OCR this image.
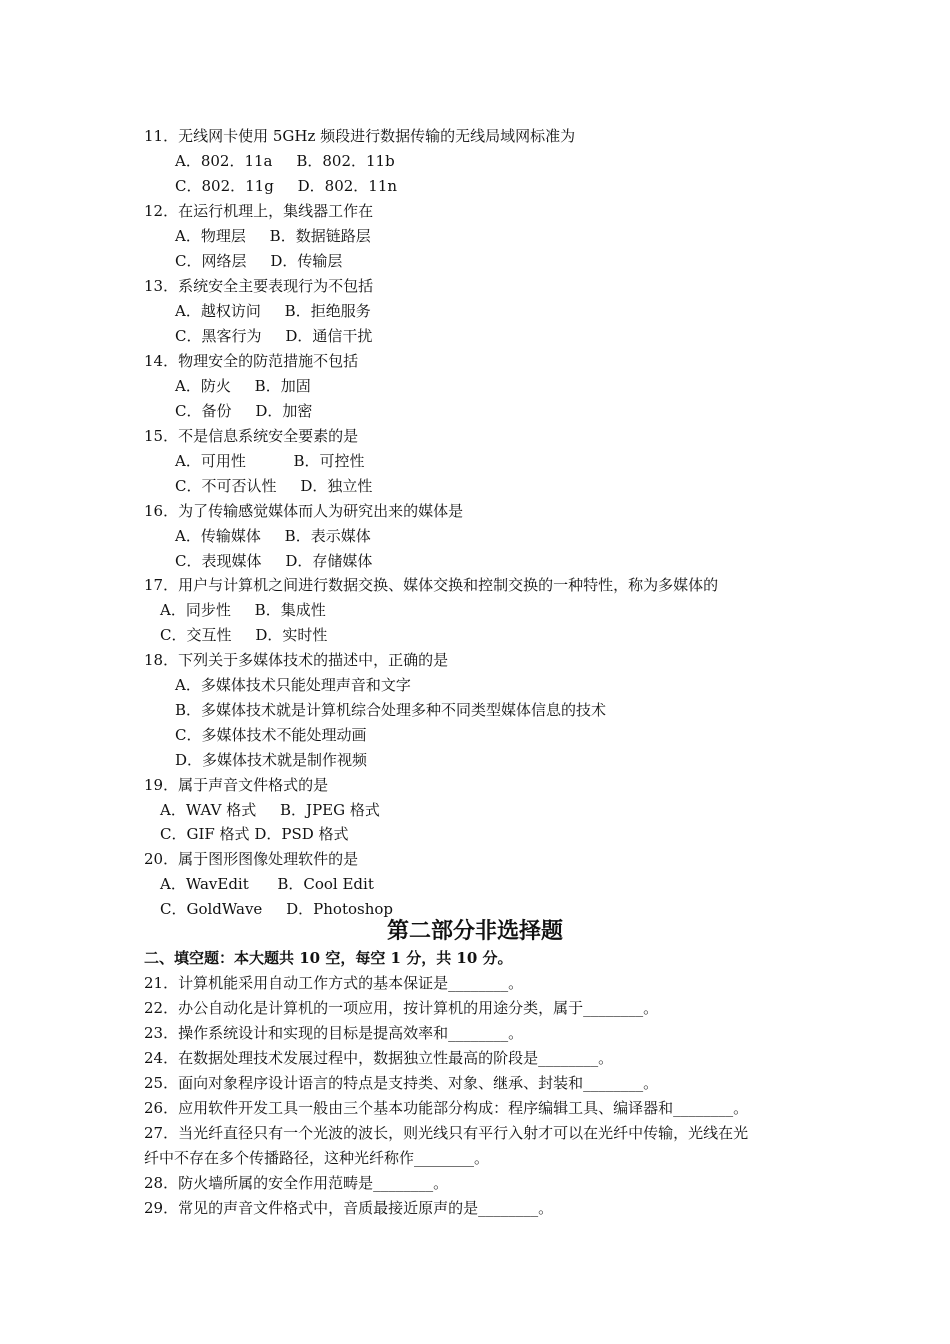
11．无线网卡使用 5GHz 频段进行数据传输的无线局域网标准为
A．802．11a     B．802．11b
C．802．11g     D．802．11n
12．在运行机理上，集线器工作在
A．物理层     B．数据链路层
C．网络层     D．传输层
13．系统安全主要表现行为不包括
A．越权访问     B．拒绝服务
C．黑客行为     D．通信干扰
14．物理安全的防范措施不包括
A．防火     B．加固
C．备份     D．加密
15．不是信息系统安全要素的是
A．可用性          B．可控性
C．不可否认性     D．独立性
16．为了传输感觉媒体而人为研究出来的媒体是
A．传输媒体     B．表示媒体
C．表现媒体     D．存储媒体
17．用户与计算机之间进行数据交换、媒体交换和控制交换的一种特性，称为多媒体的
A．同步性     B．集成性
C．交互性     D．实时性
18．下列关于多媒体技术的描述中，正确的是
A．多媒体技术只能处理声音和文字
B．多媒体技术就是计算机综合处理多种不同类型媒体信息的技术
C．多媒体技术不能处理动画
D．多媒体技术就是制作视频
19．属于声音文件格式的是
A．WAV 格式     B．JPEG 格式
C．GIF 格式 D．PSD 格式
20．属于图形图像处理软件的是
A．WavEdit      B．Cool Edit
C．GoldWave     D．Photoshop
第二部分非选择题
二、填空题：本大题共 10 空，每空 1 分，共 10 分。
21．计算机能采用自动工作方式的基本保证是________。
22．办公自动化是计算机的一项应用，按计算机的用途分类，属于________。
23．操作系统设计和实现的目标是提高效率和________。
24．在数据处理技术发展过程中，数据独立性最高的阶段是________。
25．面向对象程序设计语言的特点是支持类、对象、继承、封装和________。
26．应用软件开发工具一般由三个基本功能部分构成：程序编辑工具、编译器和________。
27．当光纤直径只有一个光波的波长，则光线只有平行入射才可以在光纤中传输，光线在光
纤中不存在多个传播路径，这种光纤称作________。
28．防火墙所属的安全作用范畴是________。
29．常见的声音文件格式中，音质最接近原声的是________。
